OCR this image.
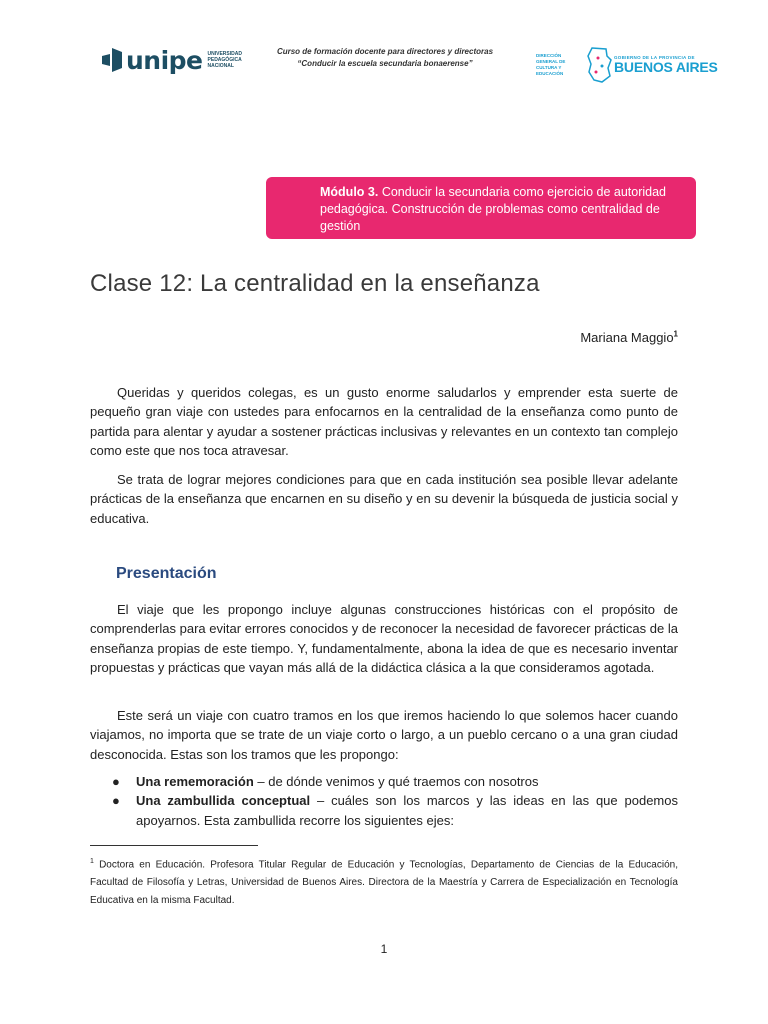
unipe UNIVERSIDAD
PEDAGÓGICA
NACIONAL
Curso de formación docente para directores y directoras
“Conducir la escuela secundaria bonaerense”
DIRECCIÓN GENERAL DE
CULTURA Y EDUCACIÓN
GOBIERNO DE LA PROVINCIA DE
BUENOS AIRES
Módulo 3. Conducir la secundaria como ejercicio de autoridad pedagógica. Construcción de problemas como centralidad de gestión
Clase 12: La centralidad en la enseñanza
Mariana Maggio$^1$

Queridas y queridos colegas, es un gusto enorme saludarlos y emprender esta suerte de pequeño gran viaje con ustedes para enfocarnos en la centralidad de la enseñanza como punto de partida para alentar y ayudar a sostener prácticas inclusivas y relevantes en un contexto tan complejo como este que nos toca atravesar.

Se trata de lograr mejores condiciones para que en cada institución sea posible llevar adelante prácticas de la enseñanza que encarnen en su diseño y en su devenir la búsqueda de justicia social y educativa.

Presentación

El viaje que les propongo incluye algunas construcciones históricas con el propósito de comprenderlas para evitar errores conocidos y de reconocer la necesidad de favorecer prácticas de la enseñanza propias de este tiempo. Y, fundamentalmente, abona la idea de que es necesario inventar propuestas y prácticas que vayan más allá de la didáctica clásica a la que consideramos agotada.

Este será un viaje con cuatro tramos en los que iremos haciendo lo que solemos hacer cuando viajamos, no importa que se trate de un viaje corto o largo, a un pueblo cercano o a una gran ciudad desconocida. Estas son los tramos que les propongo:

● Una rememoración – de dónde venimos y qué traemos con nosotros
● Una zambullida conceptual – cuáles son los marcos y las ideas en las que podemos apoyarnos. Esta zambullida recorre los siguientes ejes:

$^1$ Doctora en Educación. Profesora Titular Regular de Educación y Tecnologías, Departamento de Ciencias de la Educación, Facultad de Filosofía y Letras, Universidad de Buenos Aires. Directora de la Maestría y Carrera de Especialización en Tecnología Educativa en la misma Facultad.

1
